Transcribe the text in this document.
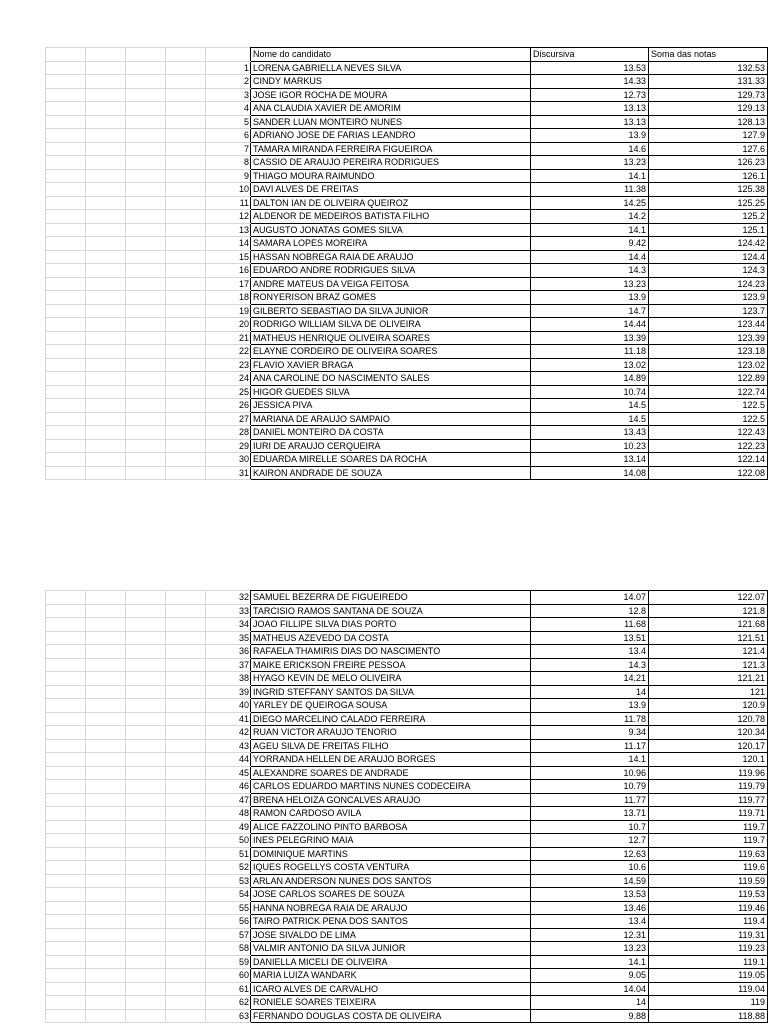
					Nome do candidato	Discursiva	Soma das notas
				1	LORENA GABRIELLA NEVES SILVA	13.53	132.53
				2	CINDY MARKUS	14.33	131.33
				3	JOSE IGOR ROCHA DE MOURA	12.73	129.73
				4	ANA CLAUDIA XAVIER DE AMORIM	13.13	129.13
				5	SANDER LUAN MONTEIRO NUNES	13.13	128.13
				6	ADRIANO JOSE DE FARIAS LEANDRO	13.9	127.9
				7	TAMARA MIRANDA FERREIRA FIGUEIROA	14.6	127.6
				8	CASSIO DE ARAUJO PEREIRA RODRIGUES	13.23	126.23
				9	THIAGO MOURA RAIMUNDO	14.1	126.1
				10	DAVI ALVES DE FREITAS	11.38	125.38
				11	DALTON IAN DE OLIVEIRA QUEIROZ	14.25	125.25
				12	ALDENOR DE MEDEIROS BATISTA FILHO	14.2	125.2
				13	AUGUSTO JONATAS GOMES SILVA	14.1	125.1
				14	SAMARA LOPES MOREIRA	9.42	124.42
				15	HASSAN NOBREGA RAIA DE ARAUJO	14.4	124.4
				16	EDUARDO ANDRE RODRIGUES SILVA	14.3	124.3
				17	ANDRE MATEUS DA VEIGA FEITOSA	13.23	124.23
				18	RONYERISON BRAZ GOMES	13.9	123.9
				19	GILBERTO SEBASTIAO DA SILVA JUNIOR	14.7	123.7
				20	RODRIGO WILLIAM SILVA DE OLIVEIRA	14.44	123.44
				21	MATHEUS HENRIQUE OLIVEIRA SOARES	13.39	123.39
				22	ELAYNE CORDEIRO DE OLIVEIRA SOARES	11.18	123.18
				23	FLAVIO XAVIER BRAGA	13.02	123.02
				24	ANA CAROLINE DO NASCIMENTO SALES	14.89	122.89
				25	HIGOR GUEDES SILVA	10.74	122.74
				26	JESSICA PIVA	14.5	122.5
				27	MARIANA DE ARAUJO SAMPAIO	14.5	122.5
				28	DANIEL MONTEIRO DA COSTA	13.43	122.43
				29	IURI DE ARAUJO CERQUEIRA	10.23	122.23
				30	EDUARDA MIRELLE SOARES DA ROCHA	13.14	122.14
				31	KAIRON ANDRADE DE SOUZA	14.08	122.08
				32	SAMUEL BEZERRA DE FIGUEIREDO	14.07	122.07
				33	TARCISIO RAMOS SANTANA DE SOUZA	12.8	121.8
				34	JOAO FILLIPE SILVA DIAS PORTO	11.68	121.68
				35	MATHEUS AZEVEDO DA COSTA	13.51	121.51
				36	RAFAELA THAMIRIS DIAS DO NASCIMENTO	13.4	121.4
				37	MAIKE ERICKSON FREIRE PESSOA	14.3	121.3
				38	HYAGO KEVIN DE MELO OLIVEIRA	14.21	121.21
				39	INGRID STEFFANY SANTOS DA SILVA	14	121
				40	YARLEY DE QUEIROGA SOUSA	13.9	120.9
				41	DIEGO MARCELINO CALADO FERREIRA	11.78	120.78
				42	RUAN VICTOR ARAUJO TENORIO	9.34	120.34
				43	AGEU SILVA DE FREITAS FILHO	11.17	120.17
				44	YORRANDA HELLEN DE ARAUJO BORGES	14.1	120.1
				45	ALEXANDRE SOARES DE ANDRADE	10.96	119.96
				46	CARLOS EDUARDO MARTINS NUNES CODECEIRA	10.79	119.79
				47	BRENA HELOIZA GONCALVES ARAUJO	11.77	119.77
				48	RAMON CARDOSO AVILA	13.71	119.71
				49	ALICE FAZZOLINO PINTO BARBOSA	10.7	119.7
				50	INES PELEGRINO MAIA	12.7	119.7
				51	DOMINIQUE MARTINS	12.63	119.63
				52	IQUES ROGELLYS COSTA VENTURA	10.6	119.6
				53	ARLAN ANDERSON NUNES DOS SANTOS	14.59	119.59
				54	JOSE CARLOS SOARES DE SOUZA	13.53	119.53
				55	HANNA NOBREGA RAIA DE ARAUJO	13.46	119.46
				56	TAIRO PATRICK PENA DOS SANTOS	13.4	119.4
				57	JOSE SIVALDO DE LIMA	12.31	119.31
				58	VALMIR ANTONIO DA SILVA JUNIOR	13.23	119.23
				59	DANIELLA MICELI DE OLIVEIRA	14.1	119.1
				60	MARIA LUIZA WANDARK	9.05	119.05
				61	ICARO ALVES DE CARVALHO	14.04	119.04
				62	RONIELE SOARES TEIXEIRA	14	119
				63	FERNANDO DOUGLAS COSTA DE OLIVEIRA	9.88	118.88
